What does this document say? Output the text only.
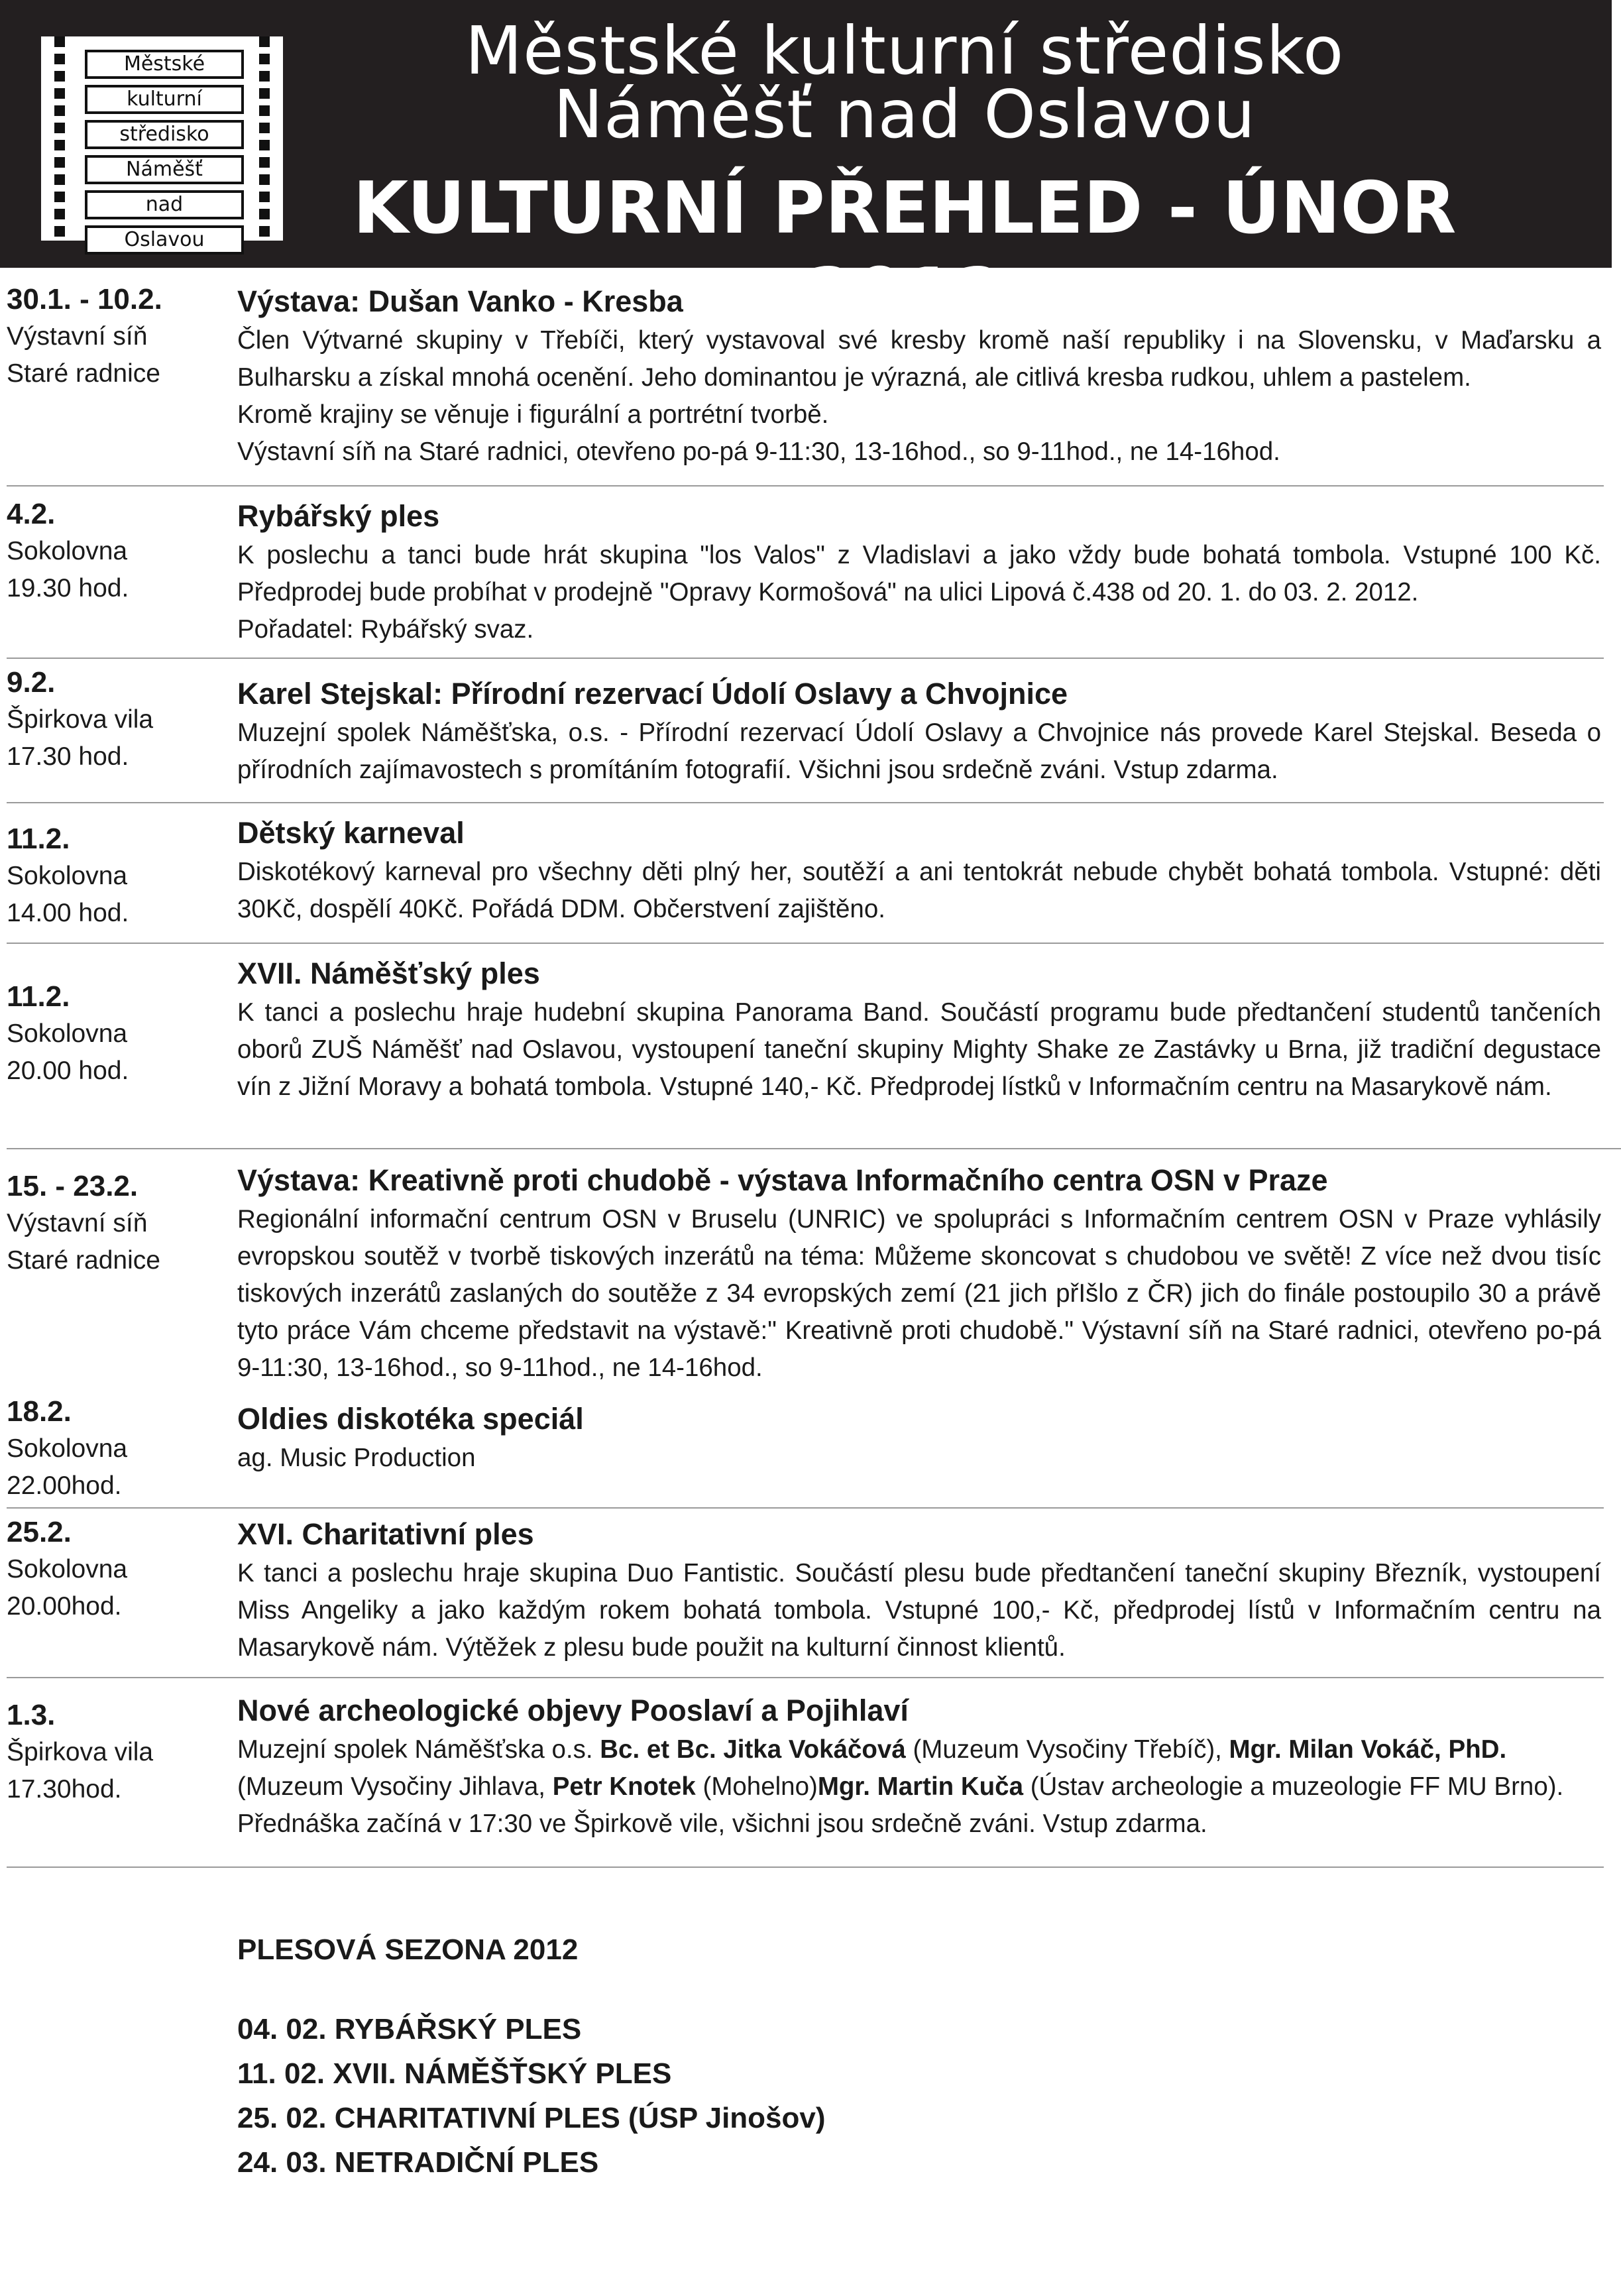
Městské
kulturní
středisko
Náměšť
nad
Oslavou
Městské kulturní středisko
Náměšť nad Oslavou
KULTURNÍ PŘEHLED - ÚNOR 2012
30.1. - 10.2.
Výstavní síň
Staré radnice
Výstava: Dušan Vanko - Kresba
Člen Výtvarné skupiny v Třebíči, který vystavoval své kresby kromě naší republiky i na Slovensku, v Maďarsku a Bulharsku a získal mnohá ocenění. Jeho dominantou je výrazná, ale citlivá kresba rudkou, uhlem a pastelem.
Kromě krajiny se věnuje i figurální a portrétní tvorbě.
Výstavní síň na Staré radnici, otevřeno po-pá 9-11:30, 13-16hod., so 9-11hod., ne 14-16hod.
4.2.
Sokolovna
19.30 hod.
Rybářský ples
K poslechu a tanci bude hrát skupina "los Valos" z Vladislavi a jako vždy bude bohatá tombola. Vstupné 100 Kč. Předprodej bude probíhat v prodejně "Opravy Kormošová" na ulici Lipová č.438 od 20. 1. do 03. 2. 2012.
Pořadatel: Rybářský svaz.
9.2.
Špirkova vila
17.30 hod.
Karel Stejskal: Přírodní rezervací Údolí Oslavy a Chvojnice
Muzejní spolek Náměšťska, o.s. - Přírodní rezervací Údolí Oslavy a Chvojnice nás provede Karel Stejskal. Beseda o přírodních zajímavostech s promítáním fotografií. Všichni jsou srdečně zváni. Vstup zdarma.
11.2.
Sokolovna
14.00 hod.
Dětský karneval
Diskotékový karneval pro všechny děti plný her, soutěží a ani tentokrát nebude chybět bohatá tombola. Vstupné: děti 30Kč, dospělí 40Kč. Pořádá DDM. Občerstvení zajištěno.
11.2.
Sokolovna
20.00 hod.
XVII. Náměšťský ples
K tanci a poslechu hraje hudební skupina Panorama Band. Součástí programu bude předtančení studentů tančeních oborů ZUŠ Náměšť nad Oslavou, vystoupení taneční skupiny Mighty Shake ze Zastávky u Brna, již tradiční degustace vín z Jižní Moravy a bohatá tombola. Vstupné 140,- Kč. Předprodej lístků v Informačním centru na Masarykově nám.
15. - 23.2.
Výstavní síň
Staré radnice
Výstava: Kreativně proti chudobě - výstava Informačního centra OSN v Praze
Regionální informační centrum OSN v Bruselu (UNRIC) ve spolupráci s Informačním centrem OSN v Praze vyhlásily evropskou soutěž v tvorbě tiskových inzerátů na téma: Můžeme skoncovat s chudobou ve světě! Z více než dvou tisíc tiskových inzerátů zaslaných do soutěže z 34 evropských zemí (21 jich přIšlo z ČR) jich do finále postoupilo 30 a právě tyto práce Vám chceme představit na výstavě:" Kreativně proti chudobě." Výstavní síň na Staré radnici, otevřeno po-pá 9-11:30, 13-16hod., so 9-11hod., ne 14-16hod.
18.2.
Sokolovna
22.00hod.
Oldies diskotéka speciál
ag. Music Production
25.2.
Sokolovna
20.00hod.
XVI. Charitativní ples
K tanci a poslechu hraje skupina Duo Fantistic. Součástí plesu bude předtančení taneční skupiny Březník, vystoupení Miss Angeliky a jako každým rokem bohatá tombola. Vstupné 100,- Kč, předprodej lístů v Informačním centru na Masarykově nám. Výtěžek z plesu bude použit na kulturní činnost klientů.
1.3.
Špirkova vila
17.30hod.
Nové archeologické objevy Pooslaví a Pojihlaví
Muzejní spolek Náměšťska o.s. Bc. et Bc. Jitka Vokáčová (Muzeum Vysočiny Třebíč), Mgr. Milan Vokáč, PhD. (Muzeum Vysočiny Jihlava, Petr Knotek (Mohelno)Mgr. Martin Kuča (Ústav archeologie a muzeologie FF MU Brno). Přednáška začíná v 17:30 ve Špirkově vile, všichni jsou srdečně zváni. Vstup zdarma.
PLESOVÁ SEZONA 2012
04. 02. RYBÁŘSKÝ PLES
11. 02. XVII. NÁMĚŠŤSKÝ PLES
25. 02. CHARITATIVNÍ PLES (ÚSP Jinošov)
24. 03. NETRADIČNÍ PLES
